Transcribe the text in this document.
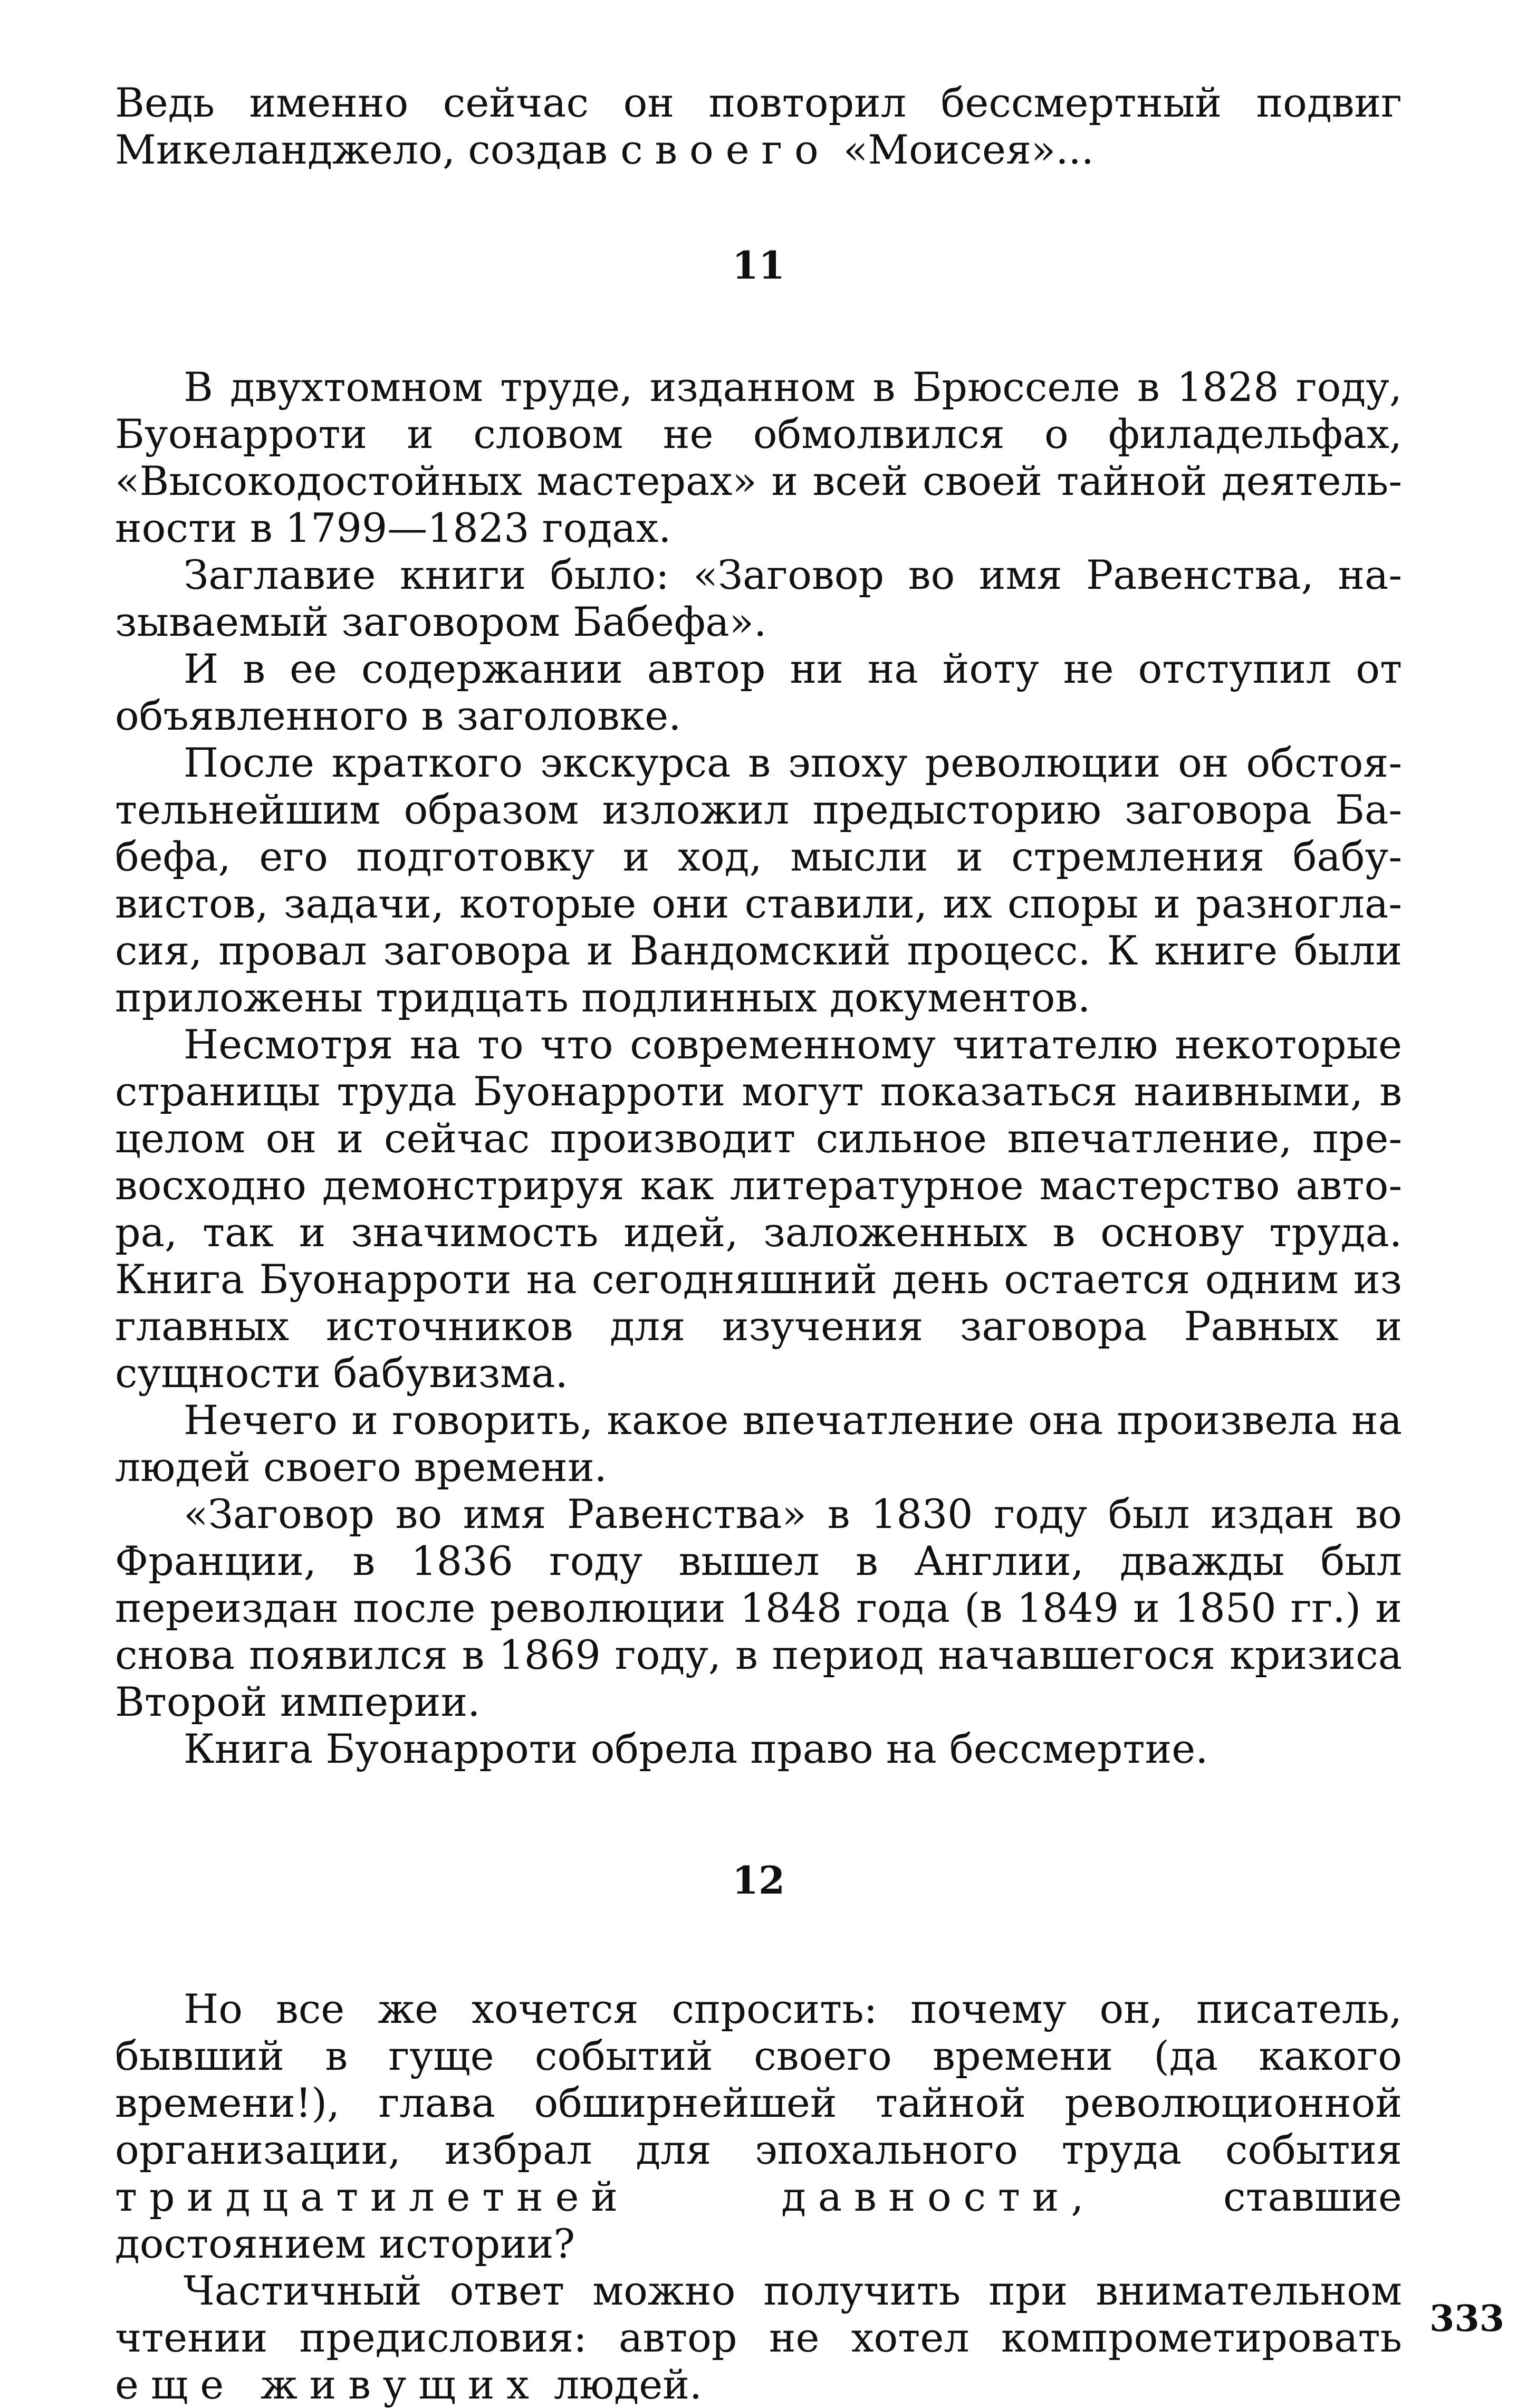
Ведь именно сейчас он повторил бессмертный подвиг Микеланджело, создав своего «Моисея»...

11

В двухтомном труде, изданном в Брюсселе в 1828 году, Буонарроти и словом не обмолвился о филадельфах, «Высокодостойных мастерах» и всей своей тайной деятельности в 1799—1823 годах.

Заглавие книги было: «Заговор во имя Равенства, называемый заговором Бабефа».

И в ее содержании автор ни на йоту не отступил от объявленного в заголовке.

После краткого экскурса в эпоху революции он обстоятельнейшим образом изложил предысторию заговора Бабефа, его подготовку и ход, мысли и стремления бабувистов, задачи, которые они ставили, их споры и разногласия, провал заговора и Вандомский процесс. К книге были приложены тридцать подлинных документов.

Несмотря на то что современному читателю некоторые страницы труда Буонарроти могут показаться наивными, в целом он и сейчас производит сильное впечатление, превосходно демонстрируя как литературное мастерство автора, так и значимость идей, заложенных в основу труда. Книга Буонарроти на сегодняшний день остается одним из главных источников для изучения заговора Равных и сущности бабувизма.

Нечего и говорить, какое впечатление она произвела на людей своего времени.

«Заговор во имя Равенства» в 1830 году был издан во Франции, в 1836 году вышел в Англии, дважды был переиздан после революции 1848 года (в 1849 и 1850 гг.) и снова появился в 1869 году, в период начавшегося кризиса Второй империи.

Книга Буонарроти обрела право на бессмертие.

12

Но все же хочется спросить: почему он, писатель, бывший в гуще событий своего времени (да какого времени!), глава обширнейшей тайной революционной организации, избрал для эпохального труда события тридцатилетней давности, ставшие достоянием истории?

Частичный ответ можно получить при внимательном чтении предисловия: автор не хотел компрометировать еще живущих людей.

333
